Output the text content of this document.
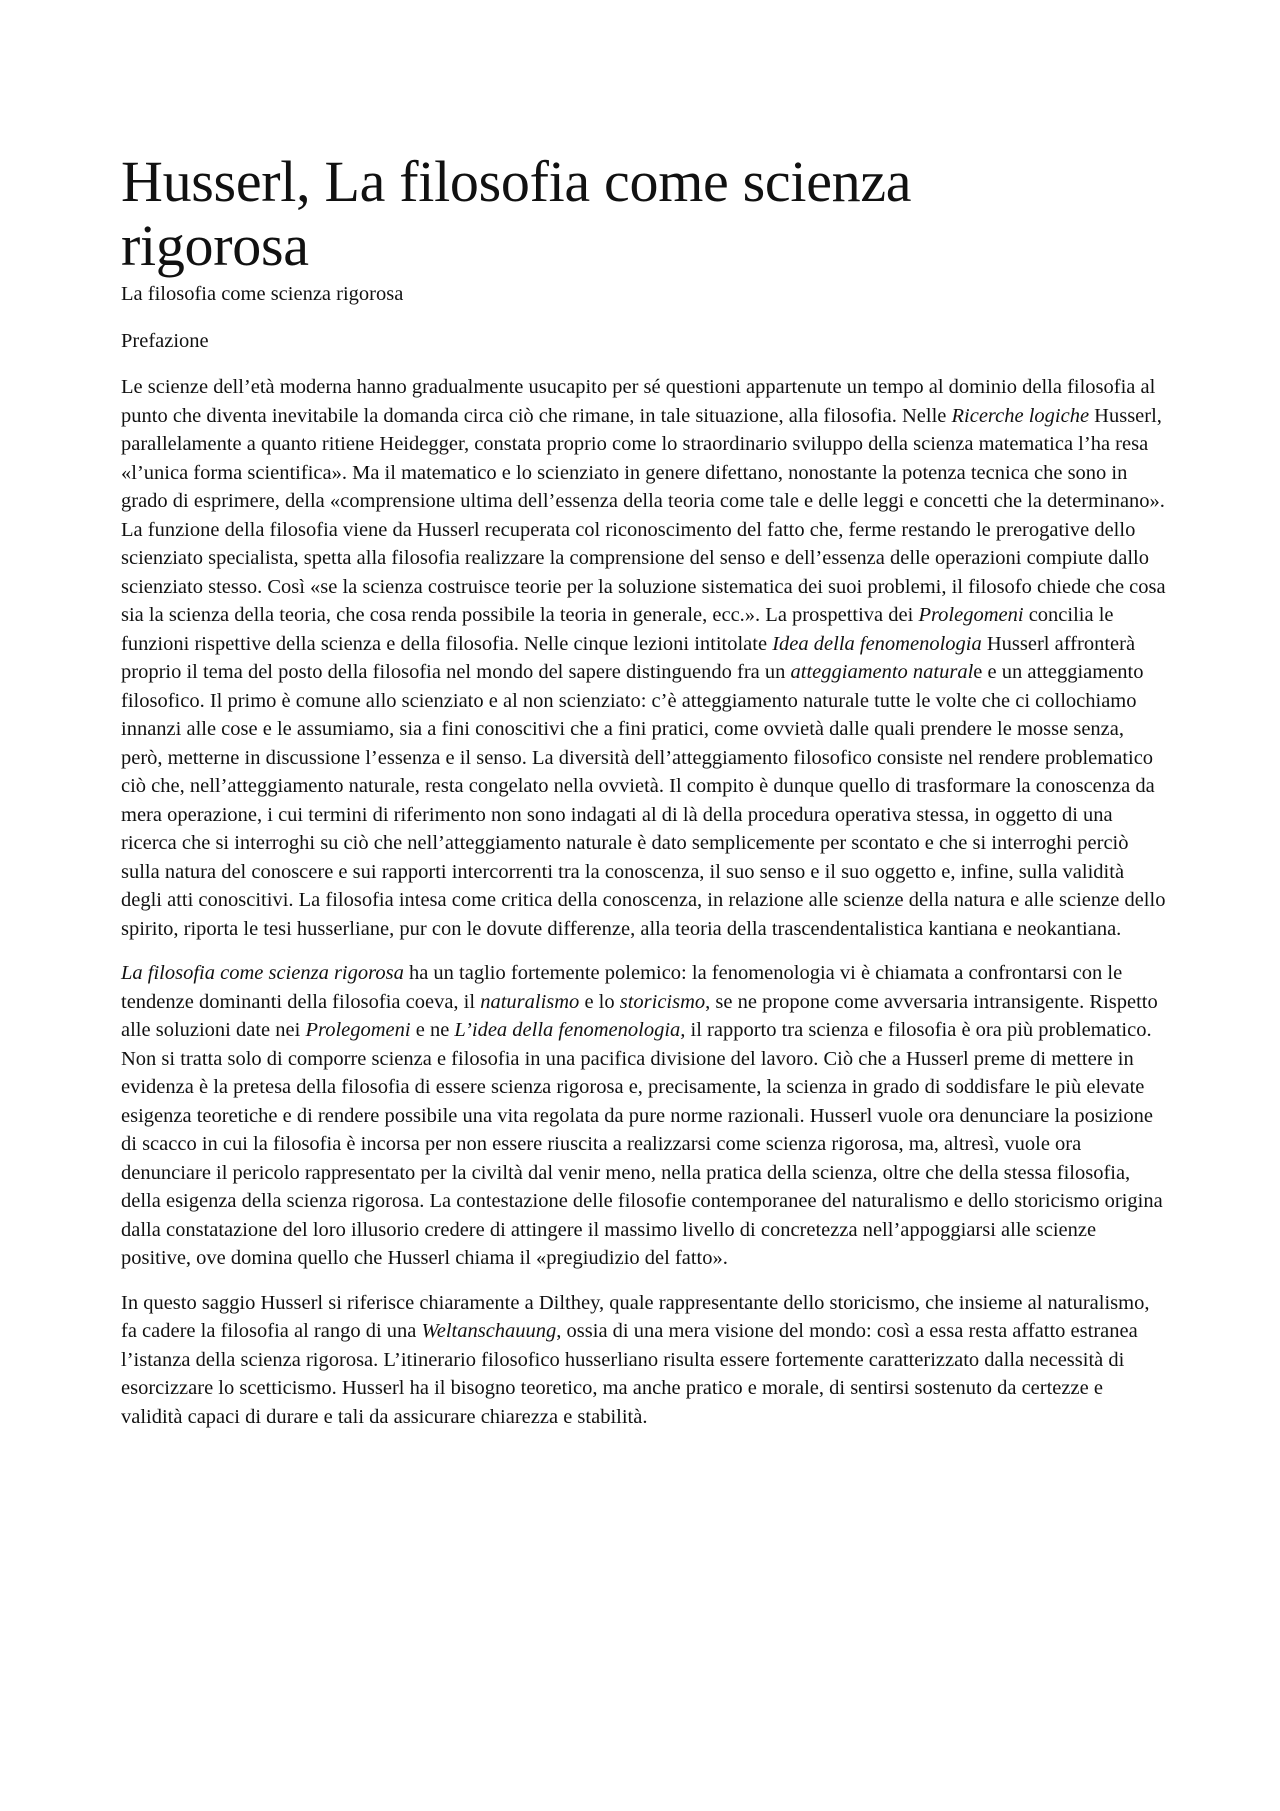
Husserl, La filosofia come scienza rigorosa
La filosofia come scienza rigorosa
Prefazione

Le scienze dell’età moderna hanno gradualmente usucapito per sé questioni appartenute un tempo al dominio della filosofia al punto che diventa inevitabile la domanda circa ciò che rimane, in tale situazione, alla filosofia. Nelle Ricerche logiche Husserl, parallelamente a quanto ritiene Heidegger, constata proprio come lo straordinario sviluppo della scienza matematica l’ha resa «l’unica forma scientifica». Ma il matematico e lo scienziato in genere difettano, nonostante la potenza tecnica che sono in grado di esprimere, della «comprensione ultima dell’essenza della teoria come tale e delle leggi e concetti che la determinano». La funzione della filosofia viene da Husserl recuperata col riconoscimento del fatto che, ferme restando le prerogative dello scienziato specialista, spetta alla filosofia realizzare la comprensione del senso e dell’essenza delle operazioni compiute dallo scienziato stesso. Così «se la scienza costruisce teorie per la soluzione sistematica dei suoi problemi, il filosofo chiede che cosa sia la scienza della teoria, che cosa renda possibile la teoria in generale, ecc.». La prospettiva dei Prolegomeni concilia le funzioni rispettive della scienza e della filosofia. Nelle cinque lezioni intitolate Idea della fenomenologia Husserl affronterà proprio il tema del posto della filosofia nel mondo del sapere distinguendo fra un atteggiamento naturale e un atteggiamento filosofico. Il primo è comune allo scienziato e al non scienziato: c’è atteggiamento naturale tutte le volte che ci collochiamo innanzi alle cose e le assumiamo, sia a fini conoscitivi che a fini pratici, come ovvietà dalle quali prendere le mosse senza, però, metterne in discussione l’essenza e il senso. La diversità dell’atteggiamento filosofico consiste nel rendere problematico ciò che, nell’atteggiamento naturale, resta congelato nella ovvietà. Il compito è dunque quello di trasformare la conoscenza da mera operazione, i cui termini di riferimento non sono indagati al di là della procedura operativa stessa, in oggetto di una ricerca che si interroghi su ciò che nell’atteggiamento naturale è dato semplicemente per scontato e che si interroghi perciò sulla natura del conoscere e sui rapporti intercorrenti tra la conoscenza, il suo senso e il suo oggetto e, infine, sulla validità degli atti conoscitivi. La filosofia intesa come critica della conoscenza, in relazione alle scienze della natura e alle scienze dello spirito, riporta le tesi husserliane, pur con le dovute differenze, alla teoria della trascendentalistica kantiana e neokantiana.

La filosofia come scienza rigorosa ha un taglio fortemente polemico: la fenomenologia vi è chiamata a confrontarsi con le tendenze dominanti della filosofia coeva, il naturalismo e lo storicismo, se ne propone come avversaria intransigente. Rispetto alle soluzioni date nei Prolegomeni e ne L’idea della fenomenologia, il rapporto tra scienza e filosofia è ora più problematico. Non si tratta solo di comporre scienza e filosofia in una pacifica divisione del lavoro. Ciò che a Husserl preme di mettere in evidenza è la pretesa della filosofia di essere scienza rigorosa e, precisamente, la scienza in grado di soddisfare le più elevate esigenza teoretiche e di rendere possibile una vita regolata da pure norme razionali. Husserl vuole ora denunciare la posizione di scacco in cui la filosofia è incorsa per non essere riuscita a realizzarsi come scienza rigorosa, ma, altresì, vuole ora denunciare il pericolo rappresentato per la civiltà dal venir meno, nella pratica della scienza, oltre che della stessa filosofia, della esigenza della scienza rigorosa. La contestazione delle filosofie contemporanee del naturalismo e dello storicismo origina dalla constatazione del loro illusorio credere di attingere il massimo livello di concretezza nell’appoggiarsi alle scienze positive, ove domina quello che Husserl chiama il «pregiudizio del fatto».

In questo saggio Husserl si riferisce chiaramente a Dilthey, quale rappresentante dello storicismo, che insieme al naturalismo, fa cadere la filosofia al rango di una Weltanschauung, ossia di una mera visione del mondo: così a essa resta affatto estranea l’istanza della scienza rigorosa. L’itinerario filosofico husserliano risulta essere fortemente caratterizzato dalla necessità di esorcizzare lo scetticismo. Husserl ha il bisogno teoretico, ma anche pratico e morale, di sentirsi sostenuto da certezze e validità capaci di durare e tali da assicurare chiarezza e stabilità.
